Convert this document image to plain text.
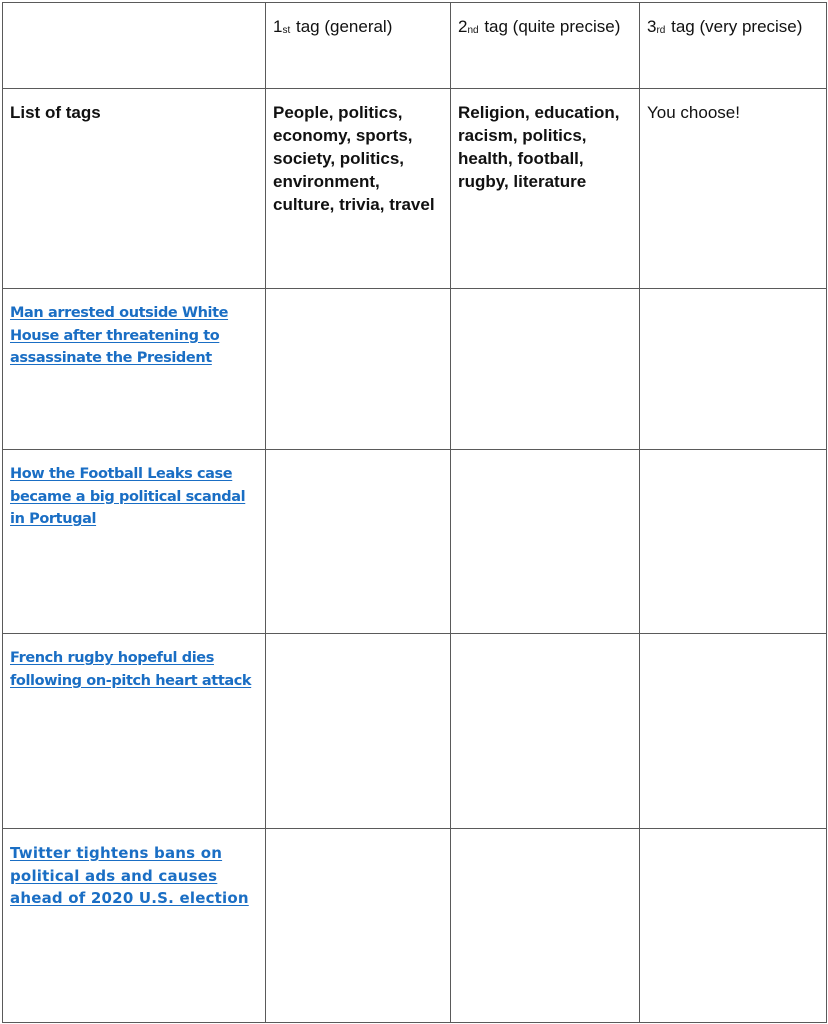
	1st tag (general)	2nd tag (quite precise)	3rd tag (very precise)

List of tags	People, politics, economy, sports, society, politics, environment, culture, trivia, travel	Religion, education, racism, politics, health, football, rugby, literature	You choose!

Man arrested outside White House after threatening to assassinate the President			

How the Football Leaks case became a big political scandal in Portugal			

French rugby hopeful dies following on-pitch heart attack			

Twitter tightens bans on political ads and causes ahead of 2020 U.S. election			
